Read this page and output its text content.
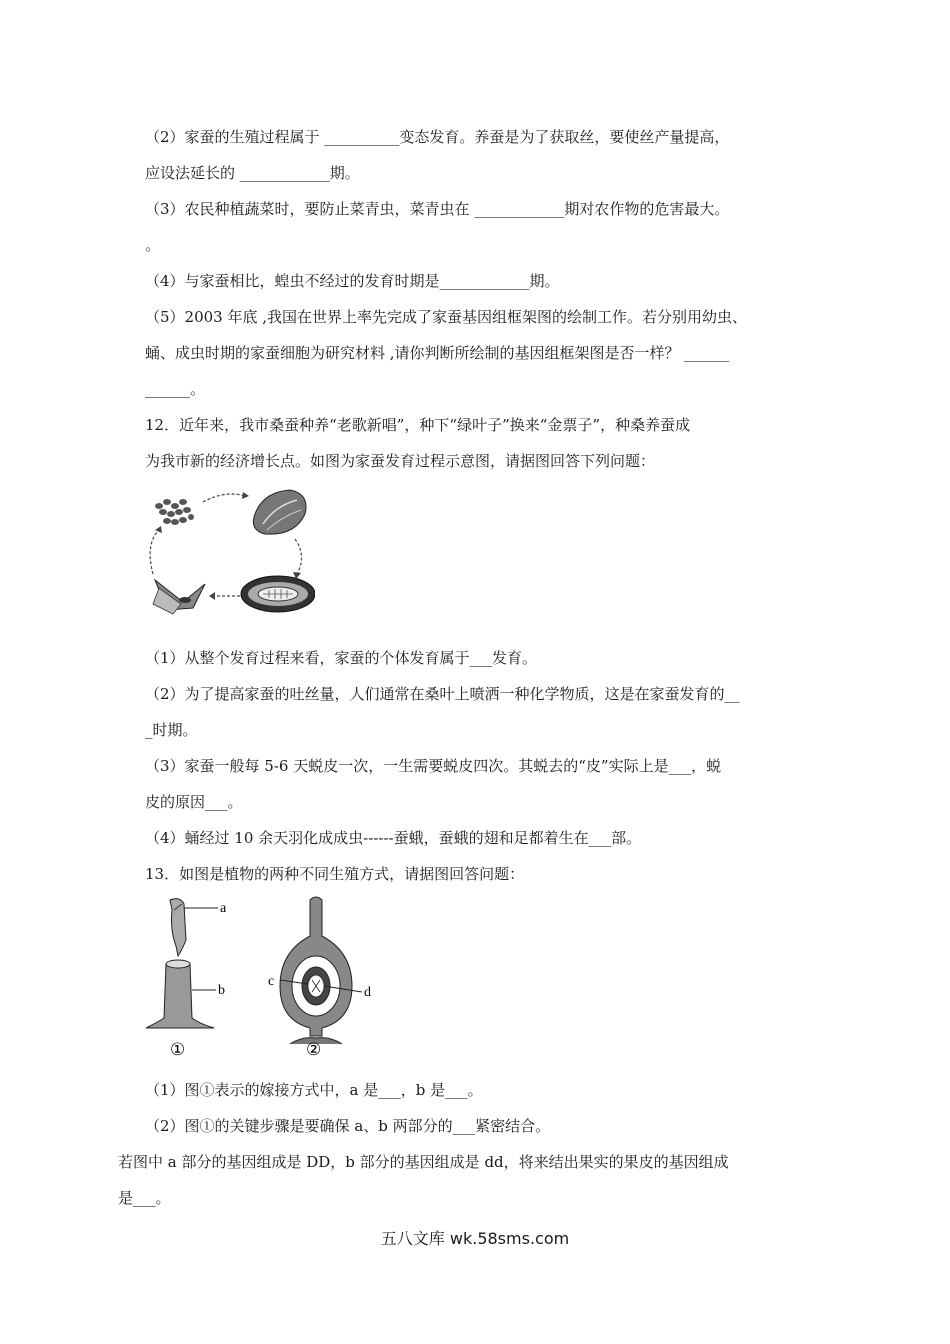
（2）家蚕的生殖过程属于 __________变态发育。养蚕是为了获取丝，要使丝产量提高，
应设法延长的 ____________期。
（3）农民种植蔬菜时，要防止菜青虫，菜青虫在 ____________期对农作物的危害最大。
。
（4）与家蚕相比，蝗虫不经过的发育时期是____________期。
（5）2003 年底 ,我国在世界上率先完成了家蚕基因组框架图的绘制工作。若分别用幼虫、
蛹、成虫时期的家蚕细胞为研究材料 ,请你判断所绘制的基因组框架图是否一样？ ______
______。
12．近年来，我市桑蚕种养“老歌新唱”，种下“绿叶子”换来“金票子”，种桑养蚕成
为我市新的经济增长点。如图为家蚕发育过程示意图，请据图回答下列问题：
（1）从整个发育过程来看，家蚕的个体发育属于___发育。
（2）为了提高家蚕的吐丝量，人们通常在桑叶上喷洒一种化学物质，这是在家蚕发育的__
_时期。
（3）家蚕一般每 5-6 天蜕皮一次，一生需要蜕皮四次。其蜕去的“皮”实际上是___，蜕
皮的原因___。
（4）蛹经过 10 余天羽化成成虫------蚕蛾，蚕蛾的翅和足都着生在___部。
13．如图是植物的两种不同生殖方式，请据图回答问题：
a
b
①
c
d
②
（1）图①表示的嫁接方式中，a 是___，b 是___。
（2）图①的关键步骤是要确保 a、b 两部分的___紧密结合。
若图中 a 部分的基因组成是 DD，b 部分的基因组成是 dd，将来结出果实的果皮的基因组成
是___。
五八文库 wk.58sms.com
